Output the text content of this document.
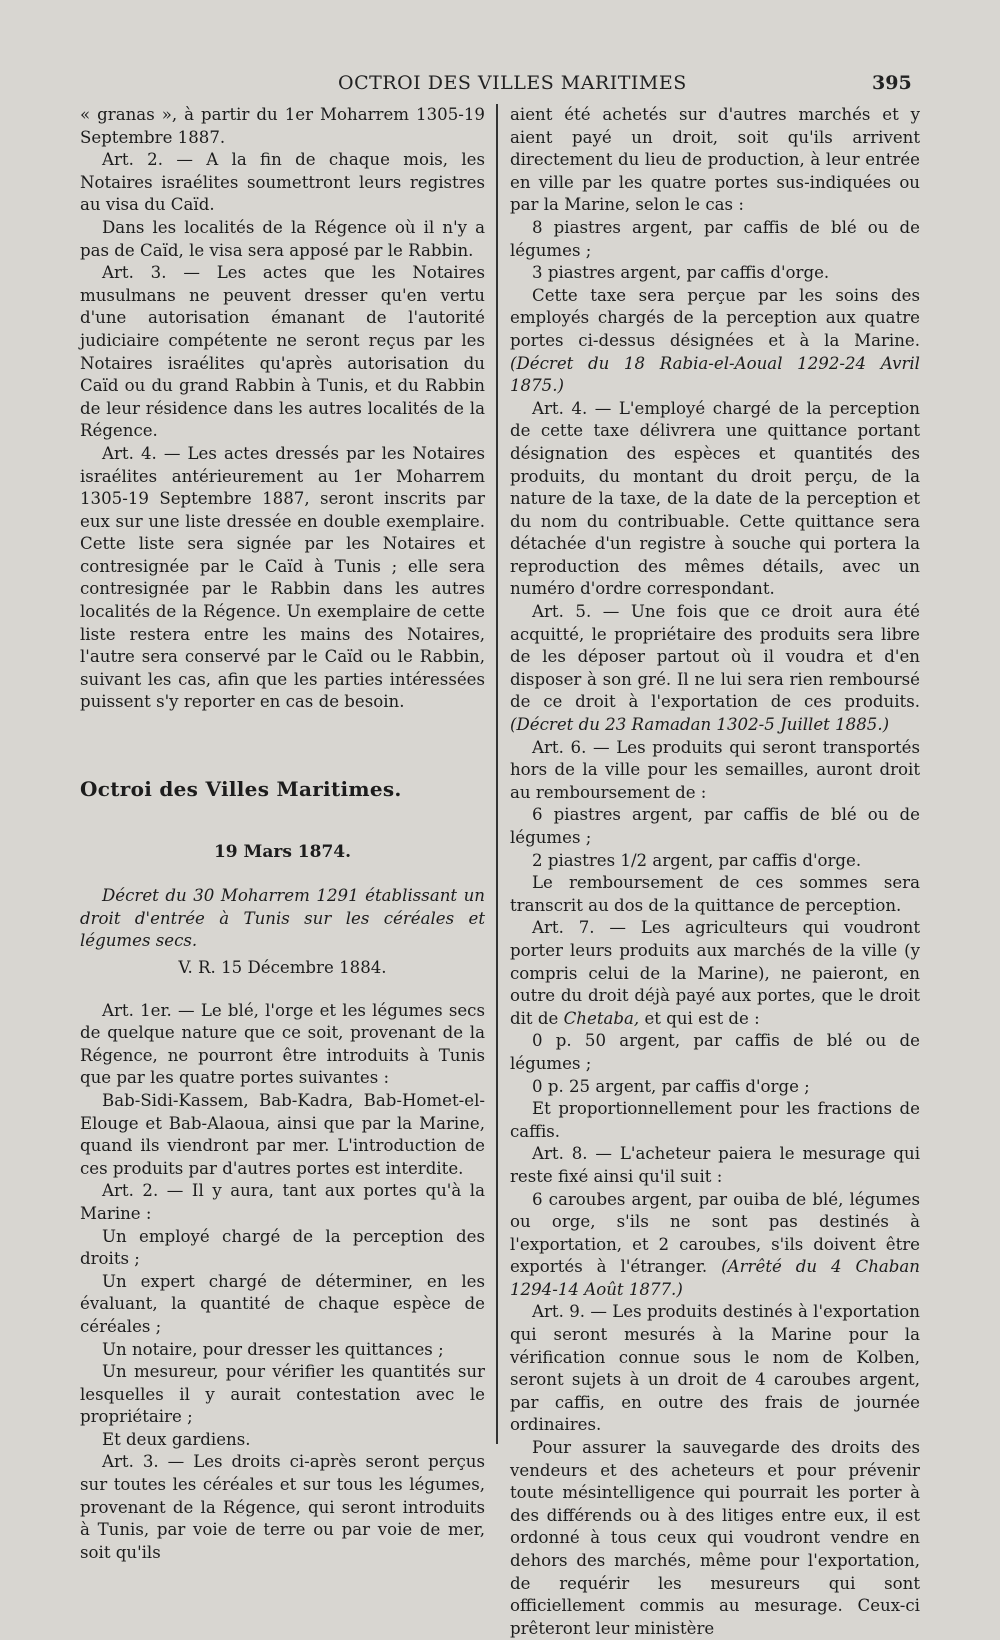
OCTROI DES VILLES MARITIMES	395

« granas », à partir du 1er Moharrem 1305-19 Septembre 1887.

Art. 2. — A la fin de chaque mois, les Notaires israélites soumettront leurs registres au visa du Caïd.

Dans les localités de la Régence où il n'y a pas de Caïd, le visa sera apposé par le Rabbin.

Art. 3. — Les actes que les Notaires musulmans ne peuvent dresser qu'en vertu d'une autorisation émanant de l'autorité judiciaire compétente ne seront reçus par les Notaires israélites qu'après autorisation du Caïd ou du grand Rabbin à Tunis, et du Rabbin de leur résidence dans les autres localités de la Régence.

Art. 4. — Les actes dressés par les Notaires israélites antérieurement au 1er Moharrem 1305-19 Septembre 1887, seront inscrits par eux sur une liste dressée en double exemplaire. Cette liste sera signée par les Notaires et contresignée par le Caïd à Tunis ; elle sera contresignée par le Rabbin dans les autres localités de la Régence. Un exemplaire de cette liste restera entre les mains des Notaires, l'autre sera conservé par le Caïd ou le Rabbin, suivant les cas, afin que les parties intéressées puissent s'y reporter en cas de besoin.

Octroi des Villes Maritimes.
19 Mars 1874.

Décret du 30 Moharrem 1291 établissant un droit d'entrée à Tunis sur les céréales et légumes secs.

V. R. 15 Décembre 1884.

Art. 1er. — Le blé, l'orge et les légumes secs de quelque nature que ce soit, provenant de la Régence, ne pourront être introduits à Tunis que par les quatre portes suivantes :

Bab-Sidi-Kassem, Bab-Kadra, Bab-Homet-el-Elouge et Bab-Alaoua, ainsi que par la Marine, quand ils viendront par mer. L'introduction de ces produits par d'autres portes est interdite.

Art. 2. — Il y aura, tant aux portes qu'à la Marine :

Un employé chargé de la perception des droits ;

Un expert chargé de déterminer, en les évaluant, la quantité de chaque espèce de céréales ;

Un notaire, pour dresser les quittances ;

Un mesureur, pour vérifier les quantités sur lesquelles il y aurait contestation avec le propriétaire ;

Et deux gardiens.

Art. 3. — Les droits ci-après seront perçus sur toutes les céréales et sur tous les légumes, provenant de la Régence, qui seront introduits à Tunis, par voie de terre ou par voie de mer, soit qu'ils

aient été achetés sur d'autres marchés et y aient payé un droit, soit qu'ils arrivent directement du lieu de production, à leur entrée en ville par les quatre portes sus-indiquées ou par la Marine, selon le cas :

8 piastres argent, par caffis de blé ou de légumes ;

3 piastres argent, par caffis d'orge.

Cette taxe sera perçue par les soins des employés chargés de la perception aux quatre portes ci-dessus désignées et à la Marine. (Décret du 18 Rabia-el-Aoual 1292-24 Avril 1875.)

Art. 4. — L'employé chargé de la perception de cette taxe délivrera une quittance portant désignation des espèces et quantités des produits, du montant du droit perçu, de la nature de la taxe, de la date de la perception et du nom du contribuable. Cette quittance sera détachée d'un registre à souche qui portera la reproduction des mêmes détails, avec un numéro d'ordre correspondant.

Art. 5. — Une fois que ce droit aura été acquitté, le propriétaire des produits sera libre de les déposer partout où il voudra et d'en disposer à son gré. Il ne lui sera rien remboursé de ce droit à l'exportation de ces produits. (Décret du 23 Ramadan 1302-5 Juillet 1885.)

Art. 6. — Les produits qui seront transportés hors de la ville pour les semailles, auront droit au remboursement de :

6 piastres argent, par caffis de blé ou de légumes ;

2 piastres 1/2 argent, par caffis d'orge.

Le remboursement de ces sommes sera transcrit au dos de la quittance de perception.

Art. 7. — Les agriculteurs qui voudront porter leurs produits aux marchés de la ville (y compris celui de la Marine), ne paieront, en outre du droit déjà payé aux portes, que le droit dit de Chetaba, et qui est de :

0 p. 50 argent, par caffis de blé ou de légumes ;

0 p. 25 argent, par caffis d'orge ;

Et proportionnellement pour les fractions de caffis.

Art. 8. — L'acheteur paiera le mesurage qui reste fixé ainsi qu'il suit :

6 caroubes argent, par ouiba de blé, légumes ou orge, s'ils ne sont pas destinés à l'exportation, et 2 caroubes, s'ils doivent être exportés à l'étranger. (Arrêté du 4 Chaban 1294-14 Août 1877.)

Art. 9. — Les produits destinés à l'exportation qui seront mesurés à la Marine pour la vérification connue sous le nom de Kolben, seront sujets à un droit de 4 caroubes argent, par caffis, en outre des frais de journée ordinaires.

Pour assurer la sauvegarde des droits des vendeurs et des acheteurs et pour prévenir toute mésintelligence qui pourrait les porter à des différends ou à des litiges entre eux, il est ordonné à tous ceux qui voudront vendre en dehors des marchés, même pour l'exportation, de requérir les mesureurs qui sont officiellement commis au mesurage. Ceux-ci prêteront leur ministère
